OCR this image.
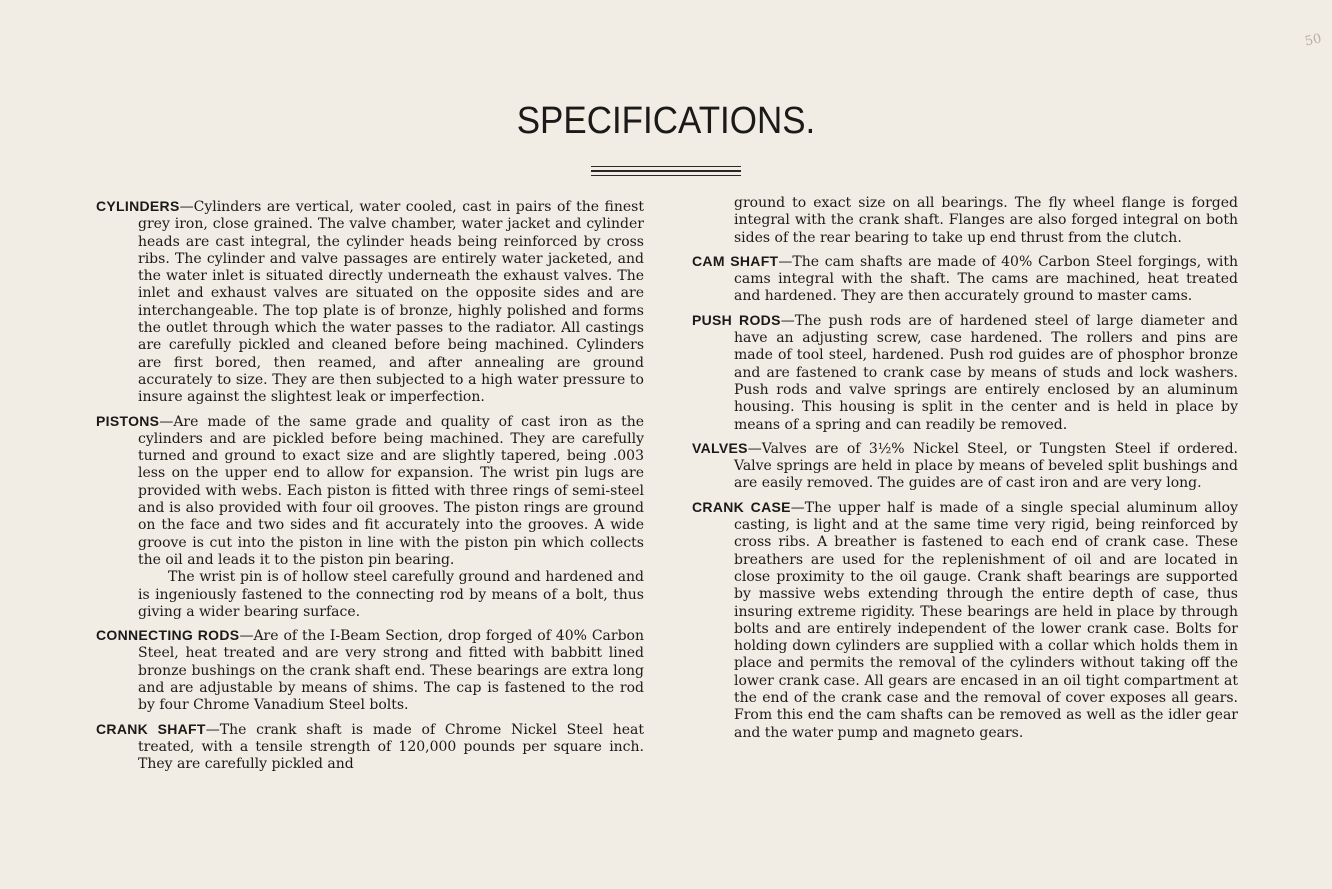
50
SPECIFICATIONS.

CYLINDERS—Cylinders are vertical, water cooled, cast in pairs of the finest grey iron, close grained. The valve chamber, water jacket and cylinder heads are cast integral, the cylinder heads being reinforced by cross ribs. The cylinder and valve passages are entirely water jacketed, and the water inlet is situated directly underneath the exhaust valves. The inlet and exhaust valves are situated on the opposite sides and are interchangeable. The top plate is of bronze, highly polished and forms the outlet through which the water passes to the radiator. All castings are carefully pickled and cleaned before being machined. Cylinders are first bored, then reamed, and after annealing are ground accurately to size. They are then subjected to a high water pressure to insure against the slightest leak or imperfection.

PISTONS—Are made of the same grade and quality of cast iron as the cylinders and are pickled before being machined. They are carefully turned and ground to exact size and are slightly tapered, being .003 less on the upper end to allow for expansion. The wrist pin lugs are provided with webs. Each piston is fitted with three rings of semi-steel and is also provided with four oil grooves. The piston rings are ground on the face and two sides and fit accurately into the grooves. A wide groove is cut into the piston in line with the piston pin which collects the oil and leads it to the piston pin bearing.
The wrist pin is of hollow steel carefully ground and hardened and is ingeniously fastened to the connecting rod by means of a bolt, thus giving a wider bearing surface.

CONNECTING RODS—Are of the I-Beam Section, drop forged of 40% Carbon Steel, heat treated and are very strong and fitted with babbitt lined bronze bushings on the crank shaft end. These bearings are extra long and are adjustable by means of shims. The cap is fastened to the rod by four Chrome Vanadium Steel bolts.

CRANK SHAFT—The crank shaft is made of Chrome Nickel Steel heat treated, with a tensile strength of 120,000 pounds per square inch. They are carefully pickled and

ground to exact size on all bearings. The fly wheel flange is forged integral with the crank shaft. Flanges are also forged integral on both sides of the rear bearing to take up end thrust from the clutch.

CAM SHAFT—The cam shafts are made of 40% Carbon Steel forgings, with cams integral with the shaft. The cams are machined, heat treated and hardened. They are then accurately ground to master cams.

PUSH RODS—The push rods are of hardened steel of large diameter and have an adjusting screw, case hardened. The rollers and pins are made of tool steel, hardened. Push rod guides are of phosphor bronze and are fastened to crank case by means of studs and lock washers. Push rods and valve springs are entirely enclosed by an aluminum housing. This housing is split in the center and is held in place by means of a spring and can readily be removed.

VALVES—Valves are of 3½% Nickel Steel, or Tungsten Steel if ordered. Valve springs are held in place by means of beveled split bushings and are easily removed. The guides are of cast iron and are very long.

CRANK CASE—The upper half is made of a single special aluminum alloy casting, is light and at the same time very rigid, being reinforced by cross ribs. A breather is fastened to each end of crank case. These breathers are used for the replenishment of oil and are located in close proximity to the oil gauge. Crank shaft bearings are supported by massive webs extending through the entire depth of case, thus insuring extreme rigidity. These bearings are held in place by through bolts and are entirely independent of the lower crank case. Bolts for holding down cylinders are supplied with a collar which holds them in place and permits the removal of the cylinders without taking off the lower crank case. All gears are encased in an oil tight compartment at the end of the crank case and the removal of cover exposes all gears. From this end the cam shafts can be removed as well as the idler gear and the water pump and magneto gears.
